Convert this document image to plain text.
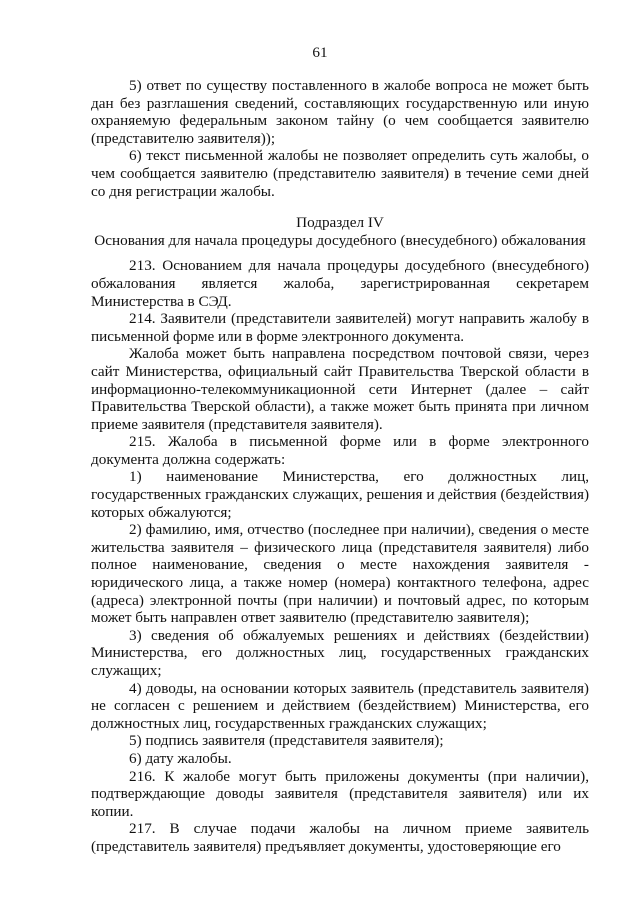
61

5) ответ по существу поставленного в жалобе вопроса не может быть дан без разглашения сведений, составляющих государственную или иную охраняемую федеральным законом тайну (о чем сообщается заявителю (представителю заявителя));

6) текст письменной жалобы не позволяет определить суть жалобы, о чем сообщается заявителю (представителю заявителя) в течение семи дней со дня регистрации жалобы.

Подраздел IV

Основания для начала процедуры досудебного (внесудебного) обжалования

213. Основанием для начала процедуры досудебного (внесудебного) обжалования является жалоба, зарегистрированная секретарем Министерства в СЭД.

214. Заявители (представители заявителей) могут направить жалобу в письменной форме или в форме электронного документа.

Жалоба может быть направлена посредством почтовой связи, через сайт Министерства, официальный сайт Правительства Тверской области в информационно-телекоммуникационной сети Интернет (далее – сайт Правительства Тверской области), а также может быть принята при личном приеме заявителя (представителя заявителя).

215. Жалоба в письменной форме или в форме электронного документа должна содержать:

1) наименование Министерства, его должностных лиц, государственных гражданских служащих, решения и действия (бездействия) которых обжалуются;

2) фамилию, имя, отчество (последнее при наличии), сведения о месте жительства заявителя – физического лица (представителя заявителя) либо полное наименование, сведения о месте нахождения заявителя - юридического лица, а также номер (номера) контактного телефона, адрес (адреса) электронной почты (при наличии) и почтовый адрес, по которым может быть направлен ответ заявителю (представителю заявителя);

3) сведения об обжалуемых решениях и действиях (бездействии) Министерства, его должностных лиц, государственных гражданских служащих;

4) доводы, на основании которых заявитель (представитель заявителя) не согласен с решением и действием (бездействием) Министерства, его должностных лиц, государственных гражданских служащих;

5) подпись заявителя (представителя заявителя);

6) дату жалобы.

216. К жалобе могут быть приложены документы (при наличии), подтверждающие доводы заявителя (представителя заявителя) или их копии.

217. В случае подачи жалобы на личном приеме заявитель (представитель заявителя) предъявляет документы, удостоверяющие его
